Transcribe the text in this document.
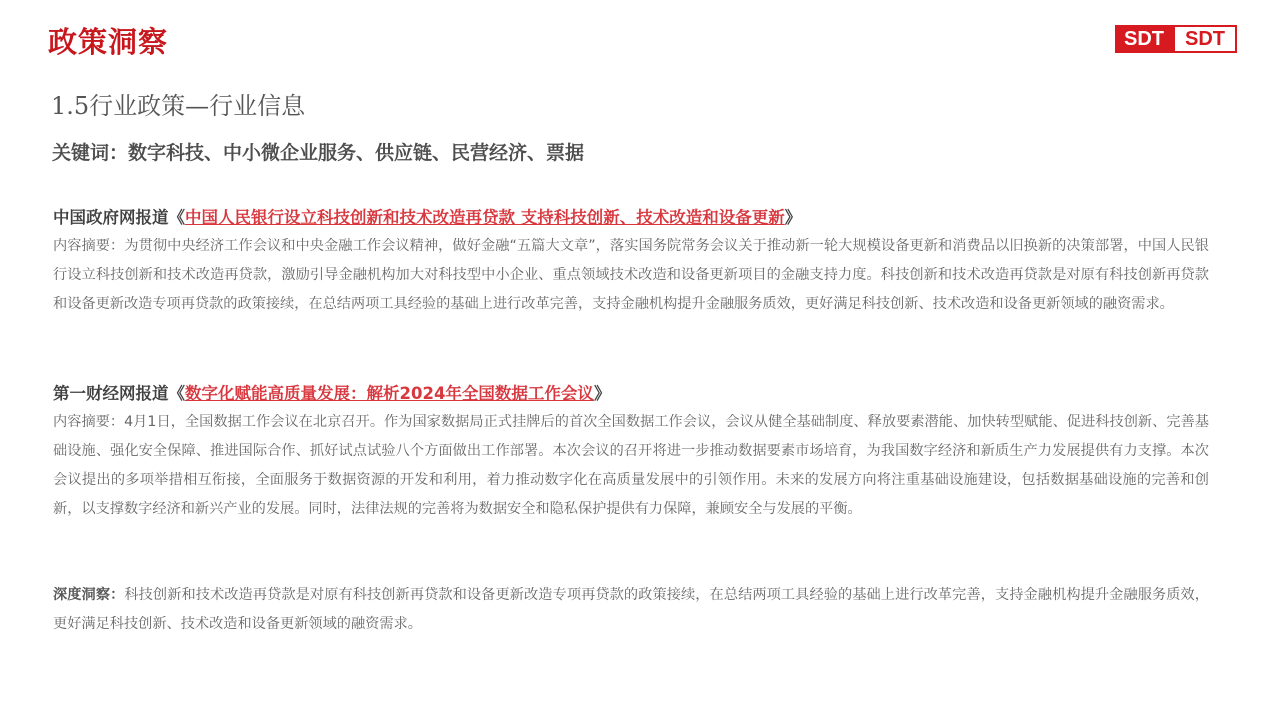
政策洞察	SDT	SDT
1.5行业政策—行业信息
关键词：数字科技、中小微企业服务、供应链、民营经济、票据
中国政府网报道《中国人民银行设立科技创新和技术改造再贷款 支持科技创新、技术改造和设备更新》
内容摘要：为贯彻中央经济工作会议和中央金融工作会议精神，做好金融“五篇大文章”，落实国务院常务会议关于推动新一轮大规模设备更新和消费品以旧换新的决策部署，中国人民银行设立科技创新和技术改造再贷款，激励引导金融机构加大对科技型中小企业、重点领域技术改造和设备更新项目的金融支持力度。科技创新和技术改造再贷款是对原有科技创新再贷款和设备更新改造专项再贷款的政策接续，在总结两项工具经验的基础上进行改革完善，支持金融机构提升金融服务质效，更好满足科技创新、技术改造和设备更新领域的融资需求。
第一财经网报道《数字化赋能高质量发展：解析2024年全国数据工作会议》
内容摘要：4月1日，全国数据工作会议在北京召开。作为国家数据局正式挂牌后的首次全国数据工作会议，会议从健全基础制度、释放要素潜能、加快转型赋能、促进科技创新、完善基础设施、强化安全保障、推进国际合作、抓好试点试验八个方面做出工作部署。本次会议的召开将进一步推动数据要素市场培育，为我国数字经济和新质生产力发展提供有力支撑。本次会议提出的多项举措相互衔接，全面服务于数据资源的开发和利用，着力推动数字化在高质量发展中的引领作用。未来的发展方向将注重基础设施建设，包括数据基础设施的完善和创新，以支撑数字经济和新兴产业的发展。同时，法律法规的完善将为数据安全和隐私保护提供有力保障，兼顾安全与发展的平衡。
深度洞察：科技创新和技术改造再贷款是对原有科技创新再贷款和设备更新改造专项再贷款的政策接续，在总结两项工具经验的基础上进行改革完善，支持金融机构提升金融服务质效，更好满足科技创新、技术改造和设备更新领域的融资需求。
